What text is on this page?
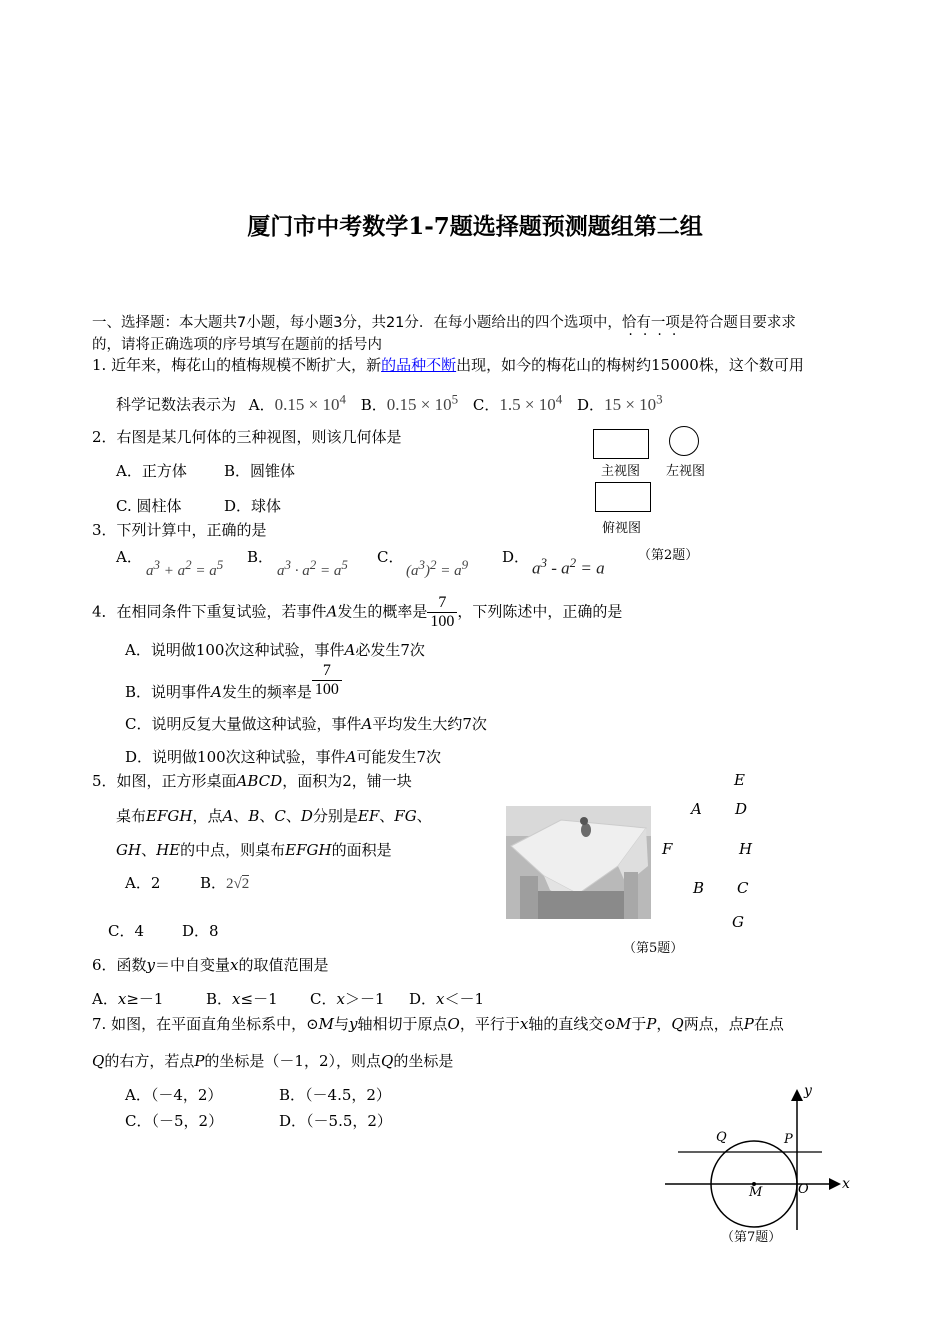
厦门市中考数学1-7题选择题预测题组第二组
一、选择题：本大题共7小题，每小题3分，共21分．在每小题给出的四个选项中，恰有一项是符合题目要求求
的，请将正确选项的序号填写在题前的括号内
1. 近年来，梅花山的植梅规模不断扩大，新的品种不断出现，如今的梅花山的梅树约15000株，这个数可用
科学记数法表示为 A．$0.15 \times 10^4$ B．$0.15 \times 10^5$ C．$1.5 \times 10^4$ D．$15 \times 10^3$
2．右图是某几何体的三种视图，则该几何体是
A．正方体 B．圆锥体
C. 圆柱体	D．球体
主视图 左视图
俯视图
（第2题）
3．下列计算中，正确的是
A．
$a^3 + a^2 = a^5$ B．
$a^3 \cdot a^2 = a^5$ C．
$(a^3)^2 = a^9$ D．
$a^3 - a^2 = a$
4．在相同条件下重复试验，若事件A发生的概率是 $\frac{7}{100}$ ，下列陈述中，正确的是
A．说明做100次这种试验，事件A必发生7次
B．说明事件A发生的频率是 $\frac{7}{100}$
C．说明反复大量做这种试验，事件A平均发生大约7次
D．说明做100次这种试验，事件A可能发生7次
5．如图，正方形桌面ABCD，面积为2，铺一块
桌布EFGH，点A、B、C、D分别是EF、FG、
GH、HE的中点，则桌布EFGH的面积是
A．2	B．2√2
C．4	D．8
E
A D
F	H
B C
G
（第5题）
6．函数y＝中自变量x的取值范围是
A．x≥－1	B．x≤－1 C．x＞－1 D．x＜－1
7. 如图，在平面直角坐标系中，⊙M与y轴相切于原点O，平行于x轴的直线交⊙M于P，Q两点，点P在点
Q的右方，若点P的坐标是（－1，2），则点Q的坐标是
A．（－4，2）	B．（－4.5，2）
C．（－5，2）	D．（－5.5，2）
y
x
Q	P
M	O
（第7题）
